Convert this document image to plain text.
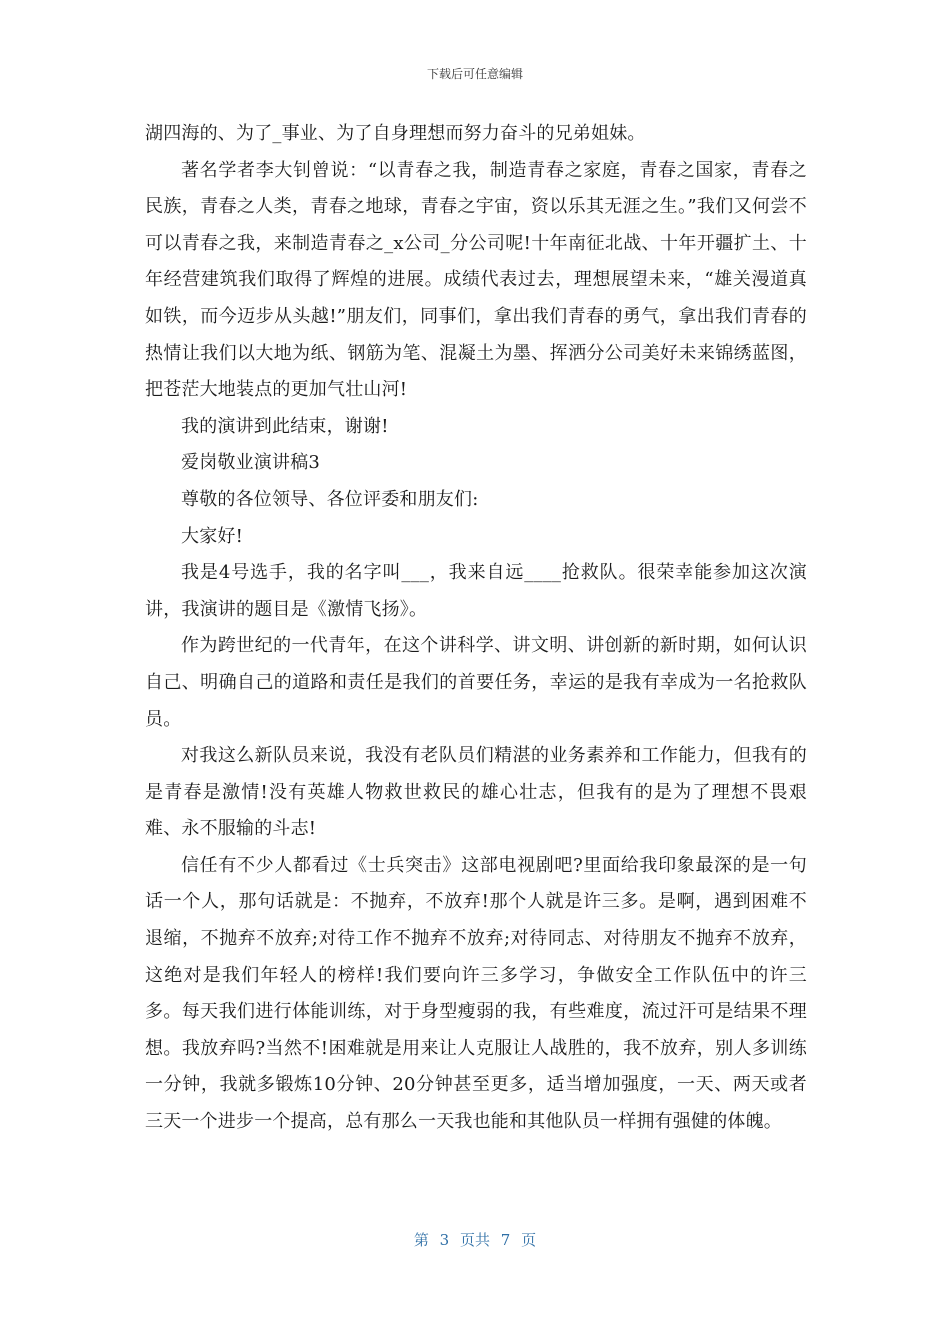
下载后可任意编辑

湖四海的、为了_事业、为了自身理想而努力奋斗的兄弟姐妹。

著名学者李大钊曾说：“以青春之我，制造青春之家庭，青春之国家，青春之民族，青春之人类，青春之地球，青春之宇宙，资以乐其无涯之生。”我们又何尝不可以青春之我，来制造青春之_x公司_分公司呢!十年南征北战、十年开疆扩土、十年经营建筑我们取得了辉煌的进展。成绩代表过去，理想展望未来，“雄关漫道真如铁，而今迈步从头越!”朋友们，同事们，拿出我们青春的勇气，拿出我们青春的热情让我们以大地为纸、钢筋为笔、混凝土为墨、挥洒分公司美好未来锦绣蓝图，把苍茫大地装点的更加气壮山河!

我的演讲到此结束，谢谢!

爱岗敬业演讲稿3

尊敬的各位领导、各位评委和朋友们:

大家好!

我是4号选手，我的名字叫___，我来自远____抢救队。很荣幸能参加这次演讲，我演讲的题目是《激情飞扬》。

作为跨世纪的一代青年，在这个讲科学、讲文明、讲创新的新时期，如何认识自己、明确自己的道路和责任是我们的首要任务，幸运的是我有幸成为一名抢救队员。

对我这么新队员来说，我没有老队员们精湛的业务素养和工作能力，但我有的是青春是激情!没有英雄人物救世救民的雄心壮志，但我有的是为了理想不畏艰难、永不服输的斗志!

信任有不少人都看过《士兵突击》这部电视剧吧?里面给我印象最深的是一句话一个人，那句话就是：不抛弃，不放弃!那个人就是许三多。是啊，遇到困难不退缩，不抛弃不放弃;对待工作不抛弃不放弃;对待同志、对待朋友不抛弃不放弃，这绝对是我们年轻人的榜样!我们要向许三多学习，争做安全工作队伍中的许三多。每天我们进行体能训练，对于身型瘦弱的我，有些难度，流过汗可是结果不理想。我放弃吗?当然不!困难就是用来让人克服让人战胜的，我不放弃，别人多训练一分钟，我就多锻炼10分钟、20分钟甚至更多，适当增加强度，一天、两天或者三天一个进步一个提高，总有那么一天我也能和其他队员一样拥有强健的体魄。

第 3 页共 7 页
